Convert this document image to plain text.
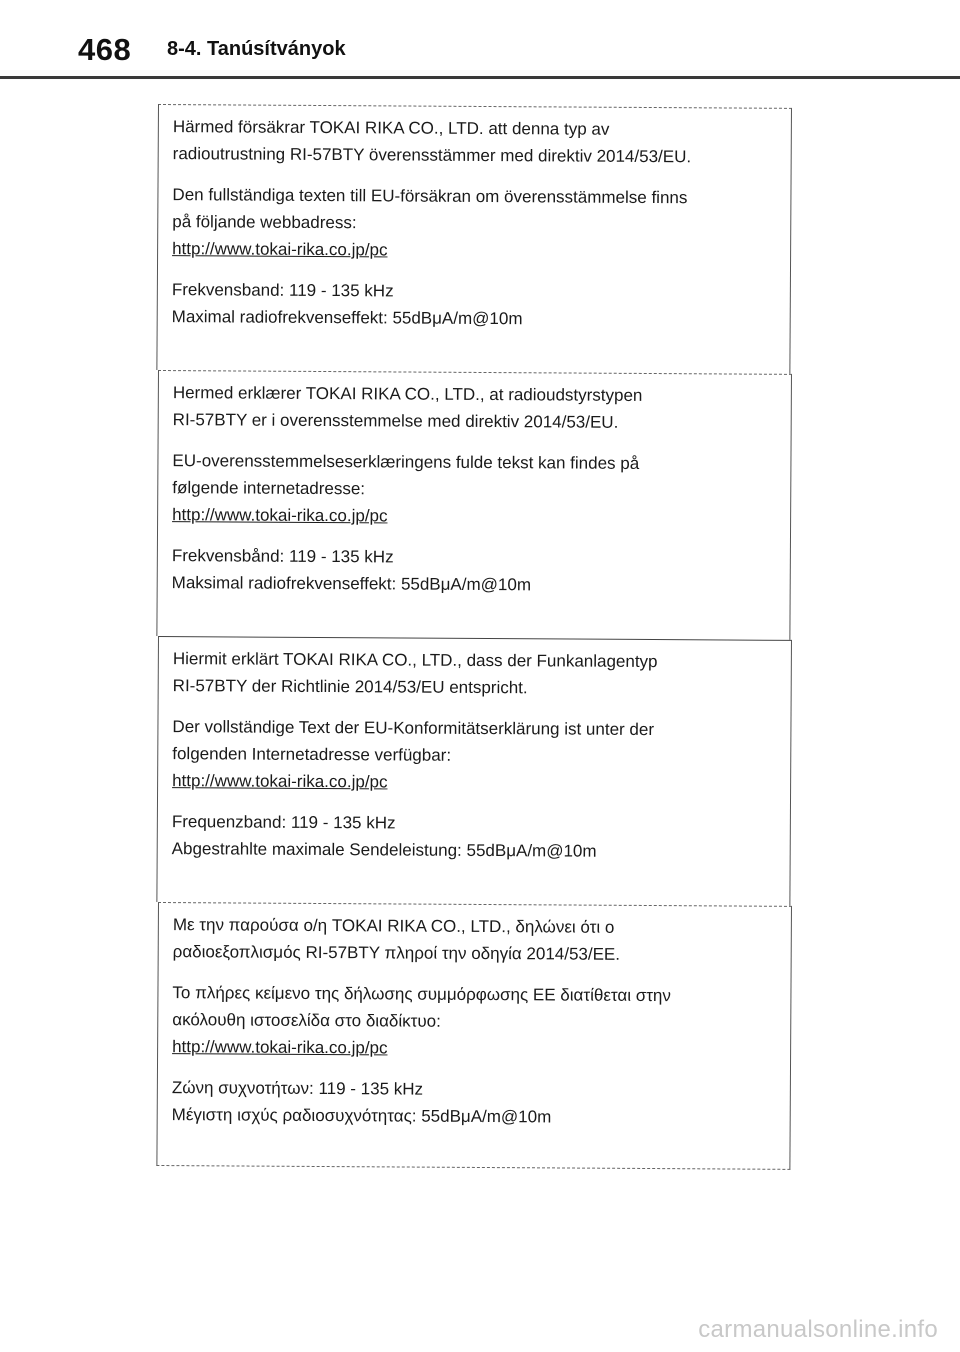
468 8-4. Tanúsítványok

Härmed försäkrar TOKAI RIKA CO., LTD. att denna typ av
radioutrustning RI-57BTY överensstämmer med direktiv 2014/53/EU.

Den fullständiga texten till EU-försäkran om överensstämmelse finns
på följande webbadress:
http://www.tokai-rika.co.jp/pc

Frekvensband: 119 - 135 kHz
Maximal radiofrekvenseffekt: 55dBμA/m@10m

Hermed erklærer TOKAI RIKA CO., LTD., at radioudstyrstypen
RI-57BTY er i overensstemmelse med direktiv 2014/53/EU.

EU-overensstemmelseserklæringens fulde tekst kan findes på
følgende internetadresse:
http://www.tokai-rika.co.jp/pc

Frekvensbånd: 119 - 135 kHz
Maksimal radiofrekvenseffekt: 55dBμA/m@10m

Hiermit erklärt TOKAI RIKA CO., LTD., dass der Funkanlagentyp
RI-57BTY der Richtlinie 2014/53/EU entspricht.

Der vollständige Text der EU-Konformitätserklärung ist unter der
folgenden Internetadresse verfügbar:
http://www.tokai-rika.co.jp/pc

Frequenzband: 119 - 135 kHz
Abgestrahlte maximale Sendeleistung: 55dBμA/m@10m

Με την παρούσα ο/η TOKAI RIKA CO., LTD., δηλώνει ότι ο
ραδιοεξοπλισμός RI-57BTY πληροί την οδηγία 2014/53/ΕΕ.

Το πλήρες κείμενο της δήλωσης συμμόρφωσης ΕΕ διατίθεται στην
ακόλουθη ιστοσελίδα στο διαδίκτυο:
http://www.tokai-rika.co.jp/pc

Ζώνη συχνοτήτων: 119 - 135 kHz
Μέγιστη ισχύς ραδιοσυχνότητας: 55dBμA/m@10m

carmanualsonline.info
